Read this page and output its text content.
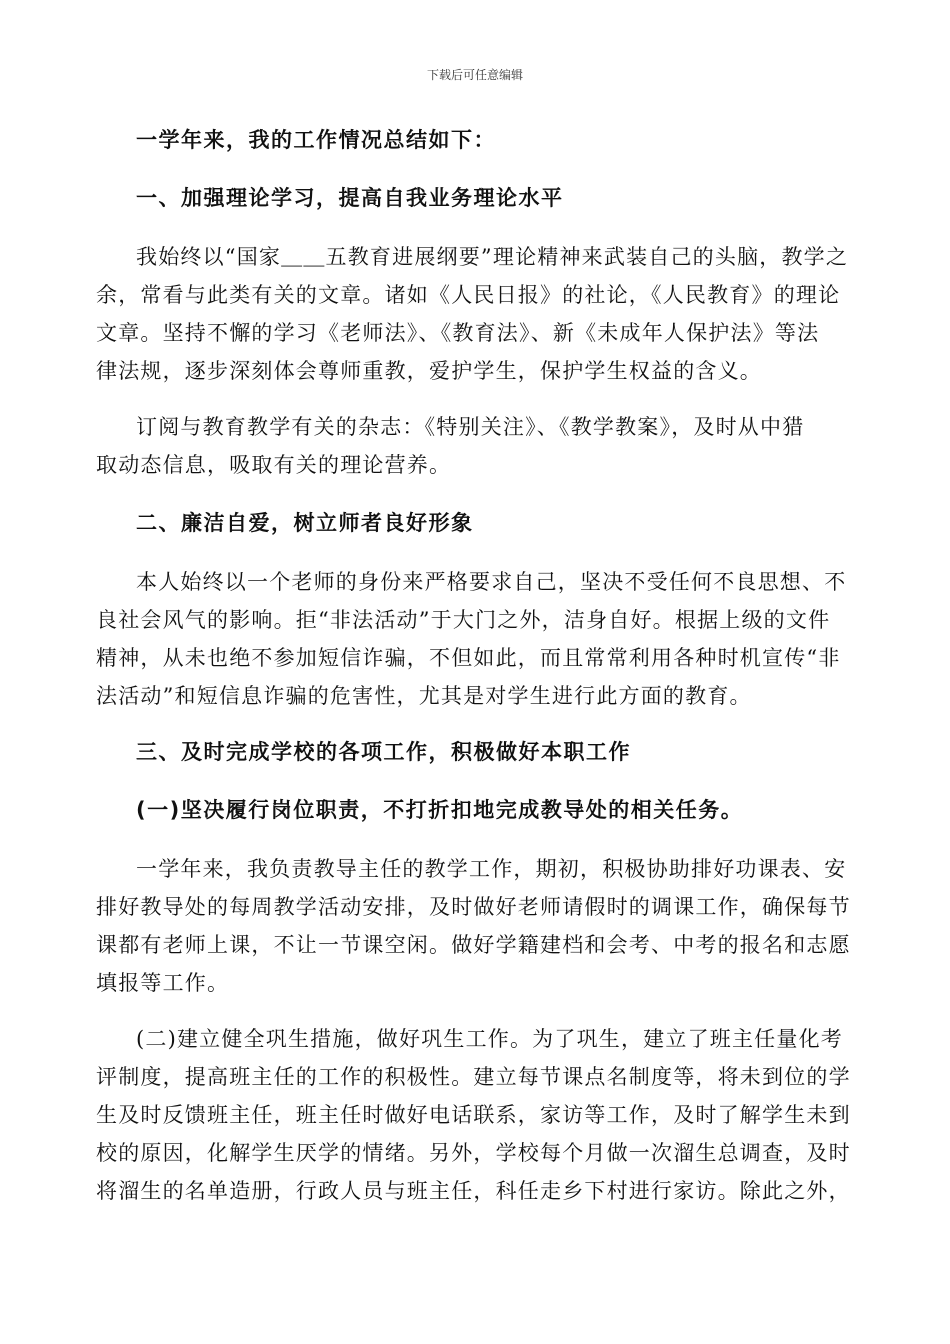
下载后可任意编辑
一学年来，我的工作情况总结如下：
一、加强理论学习，提高自我业务理论水平
我始终以“国家＿＿五教育进展纲要”理论精神来武装自己的头脑，教学之
余，常看与此类有关的文章。诸如《人民日报》的社论，《人民教育》的理论
文章。坚持不懈的学习《老师法》、《教育法》、新《未成年人保护法》等法
律法规，逐步深刻体会尊师重教，爱护学生，保护学生权益的含义。
订阅与教育教学有关的杂志：《特别关注》、《教学教案》，及时从中猎
取动态信息，吸取有关的理论营养。
二、廉洁自爱，树立师者良好形象
本人始终以一个老师的身份来严格要求自己，坚决不受任何不良思想、不
良社会风气的影响。拒“非法活动”于大门之外，洁身自好。根据上级的文件
精神，从未也绝不参加短信诈骗，不但如此，而且常常利用各种时机宣传“非
法活动”和短信息诈骗的危害性，尤其是对学生进行此方面的教育。
三、及时完成学校的各项工作，积极做好本职工作
(一)坚决履行岗位职责，不打折扣地完成教导处的相关任务。
一学年来，我负责教导主任的教学工作，期初，积极协助排好功课表、安
排好教导处的每周教学活动安排，及时做好老师请假时的调课工作，确保每节
课都有老师上课，不让一节课空闲。做好学籍建档和会考、中考的报名和志愿
填报等工作。
(二)建立健全巩生措施，做好巩生工作。为了巩生，建立了班主任量化考
评制度，提高班主任的工作的积极性。建立每节课点名制度等，将未到位的学
生及时反馈班主任，班主任时做好电话联系，家访等工作，及时了解学生未到
校的原因，化解学生厌学的情绪。另外，学校每个月做一次溜生总调查，及时
将溜生的名单造册，行政人员与班主任，科任走乡下村进行家访。除此之外，
